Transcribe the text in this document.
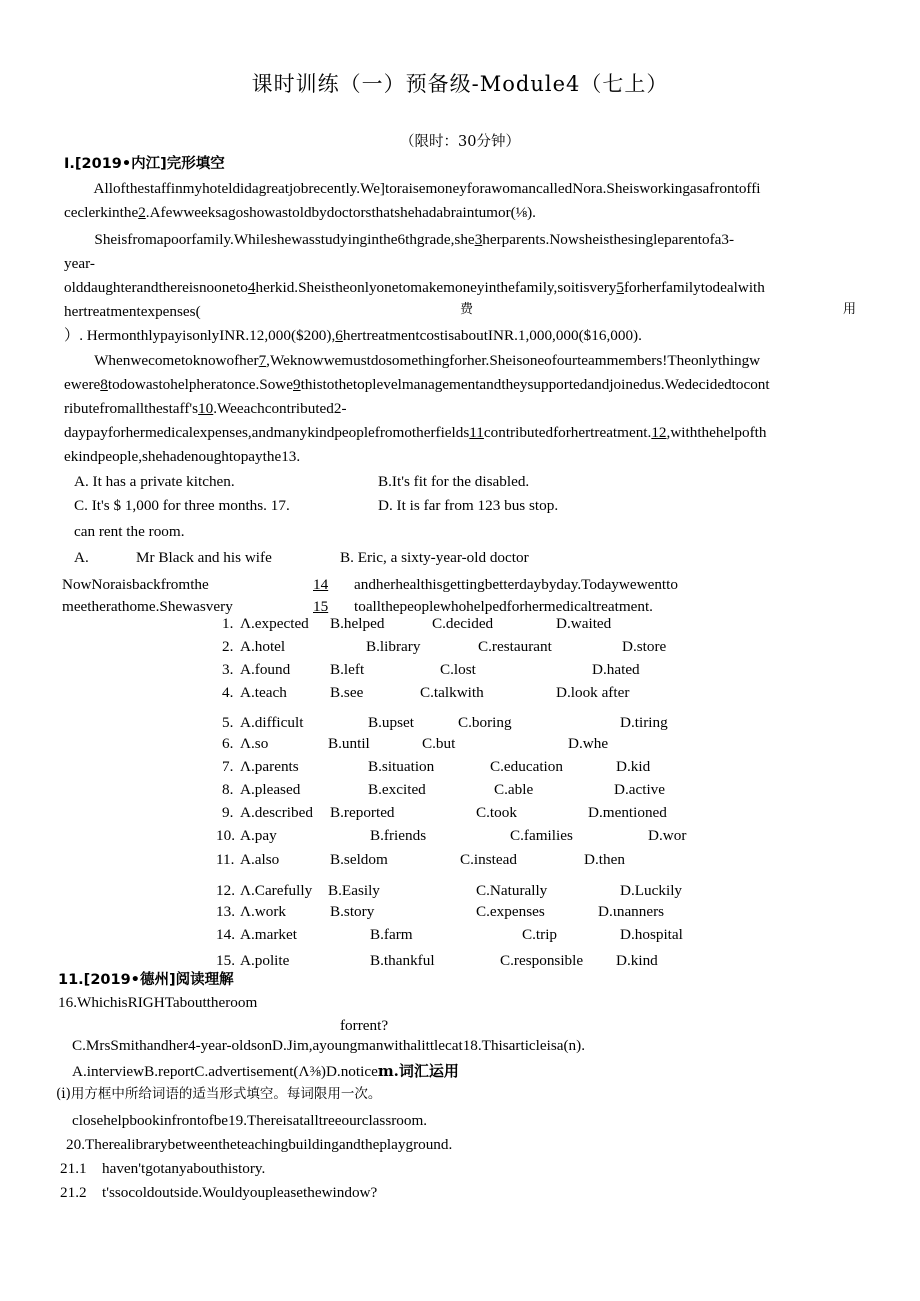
课时训练（一）预备级-Module4（七上）
（限时：30分钟）
I.[2019•内江]完形填空
Allofthestaffinmyhoteldidagreatjobrecently.We]toraisemoneyforawomancalledNora.Sheisworkingasafrontoffi
ceclerkinthe2.Afewweeksagoshowastoldbydoctorsthatshehadabraintumor(⅛).
Sheisfromapoorfamily.Whileshewasstudyinginthe6thgrade,she3herparents.Nowsheisthesingleparentofa3-
year-
olddaughterandthereisnooneto4herkid.Sheistheonlyonetomakemoneyinthefamily,soitisvery5forherfamilytodealwith
hertreatmentexpenses(	费	用
）. HermonthlypayisonlyINR.12,000($200),6hertreatmentcostisaboutINR.1,000,000($16,000).
Whenwecometoknowofher7,Weknowwemustdosomethingforher.Sheisoneofourteammembers!Theonlythingw
ewere8todowastohelpheratonce.Sowe9thistothetoplevelmanagementandtheysupportedandjoinedus.Wedecidedtocont
ributefromallthestaff's10.Weeachcontributed2-
daypayforhermedicalexpenses,andmanykindpeoplefromotherfields11contributedforhertreatment.12,withthehelpofth
ekindpeople,shehadenoughtopaythe13.
A. It has a private kitchen.	B.It's fit for the disabled.
C. It's $ 1,000 for three months. 17.	D. It is far from 123 bus stop.
can rent the room.
A.	Mr Black and his wife	B. Eric, a sixty-year-old doctor
NowNoraisbackfromthe	14 andherhealthisgettingbetterdaybyday.Todaywewentto
meetherathome.Shewasvery	15 toallthepeoplewhohelpedforhermedicaltreatment.
1. Λ.expected B.helped	C.decided	D.waited
2. A.hotel	B.library	C.restaurant	D.store
3. A.found	B.left	C.lost	D.hated
4. A.teach	B.see	C.talkwith	D.look after
5. A.difficult	B.upset	C.boring	D.tiring
6. Λ.so	B.until	C.but	D.whe
7. Λ.parents	B.situation	C.education	D.kid
8. A.pleased	B.excited	C.able	D.active
9. A.described B.reported	C.took	D.mentioned
10. A.pay	B.friends	C.families	D.wor
11. A.also	B.seldom	C.instead	D.then
12. Λ.Carefully B.Easily	C.Naturally	D.Luckily
13. Λ.work	B.story	C.expenses	D.ιnanners
14. A.market	B.farm	C.trip	D.hospital
15. A.polite	B.thankful	C.responsible D.kind
11.[2019•德州]阅读理解
16.WhichisRIGHTabouttheroom
forrent?
C.MrsSmithandher4-year-oldsonD.Jim,ayoungmanwithalittlecat18.Thisarticleisa(n).
A.interviewB.reportC.advertisement(Λ⅜)D.noticem.词汇运用
(i)用方框中所给词语的适当形式填空。每词限用一次。
closehelpbookinfrontofbe19.Thereisatalltreeourclassroom.
20.Therealibrarybetweentheteachingbuildingandtheplayground.
21.1 haven'tgotanyabouthistory.
21.2 t'ssocoldoutside.Wouldyoupleasethewindow?
